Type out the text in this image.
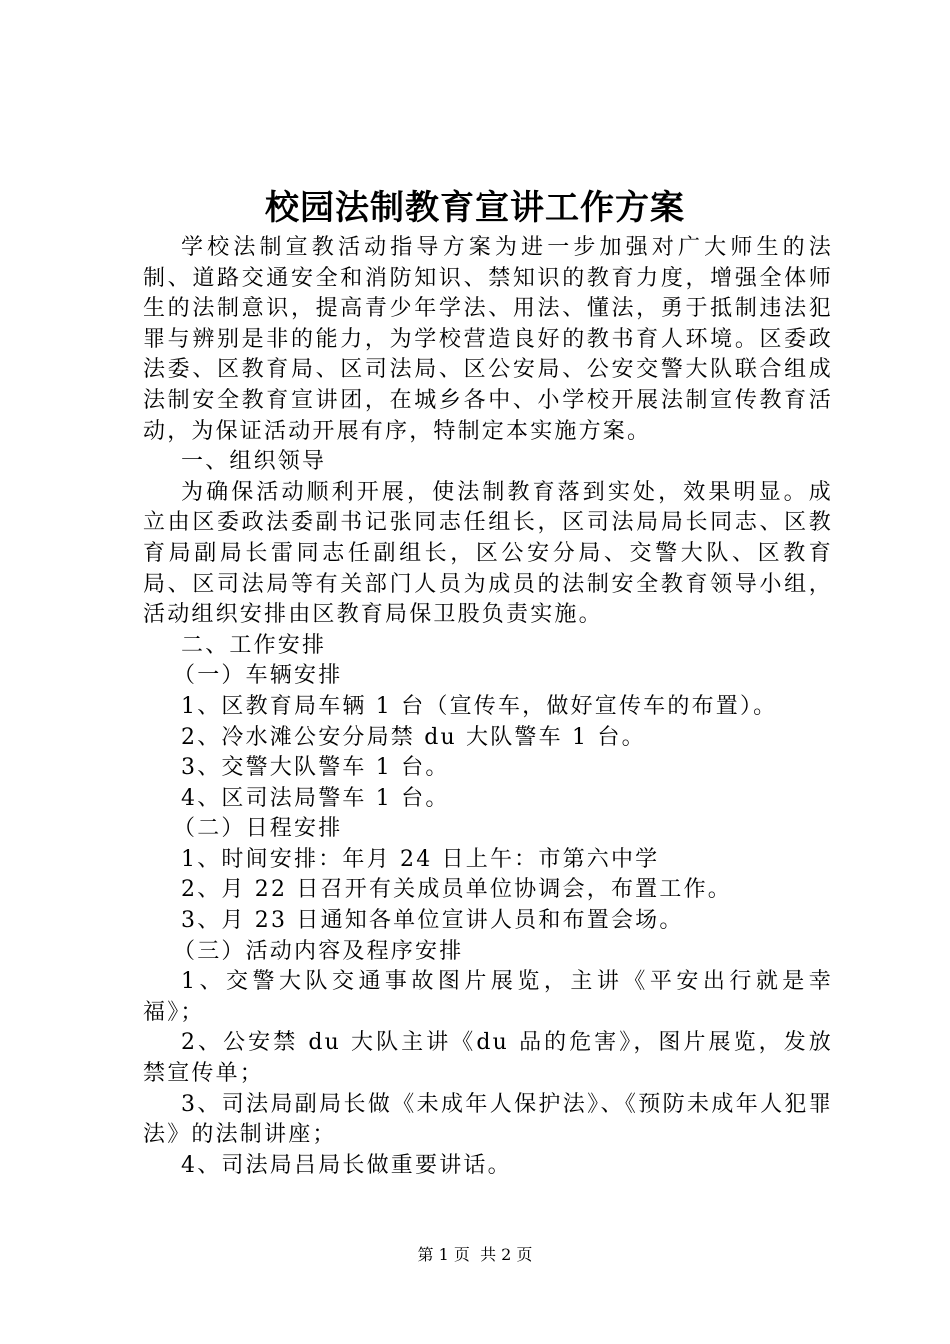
校园法制教育宣讲工作方案

学校法制宣教活动指导方案为进一步加强对广大师生的法制、道路交通安全和消防知识、禁知识的教育力度，增强全体师生的法制意识，提高青少年学法、用法、懂法，勇于抵制违法犯罪与辨别是非的能力，为学校营造良好的教书育人环境。区委政法委、区教育局、区司法局、区公安局、公安交警大队联合组成法制安全教育宣讲团，在城乡各中、小学校开展法制宣传教育活动，为保证活动开展有序，特制定本实施方案。

一、组织领导

为确保活动顺利开展，使法制教育落到实处，效果明显。成立由区委政法委副书记张同志任组长，区司法局局长同志、区教育局副局长雷同志任副组长，区公安分局、交警大队、区教育局、区司法局等有关部门人员为成员的法制安全教育领导小组，活动组织安排由区教育局保卫股负责实施。

二、工作安排

（一）车辆安排

1、区教育局车辆 1 台（宣传车，做好宣传车的布置）。

2、冷水滩公安分局禁 du 大队警车 1 台。

3、交警大队警车 1 台。

4、区司法局警车 1 台。

（二）日程安排

1、时间安排：年月 24 日上午：市第六中学

2、月 22 日召开有关成员单位协调会，布置工作。

3、月 23 日通知各单位宣讲人员和布置会场。

（三）活动内容及程序安排

1、交警大队交通事故图片展览，主讲《平安出行就是幸福》；

2、公安禁 du 大队主讲《du 品的危害》，图片展览，发放禁宣传单；

3、司法局副局长做《未成年人保护法》、《预防未成年人犯罪法》的法制讲座；

4、司法局吕局长做重要讲话。

第 1 页  共 2 页
